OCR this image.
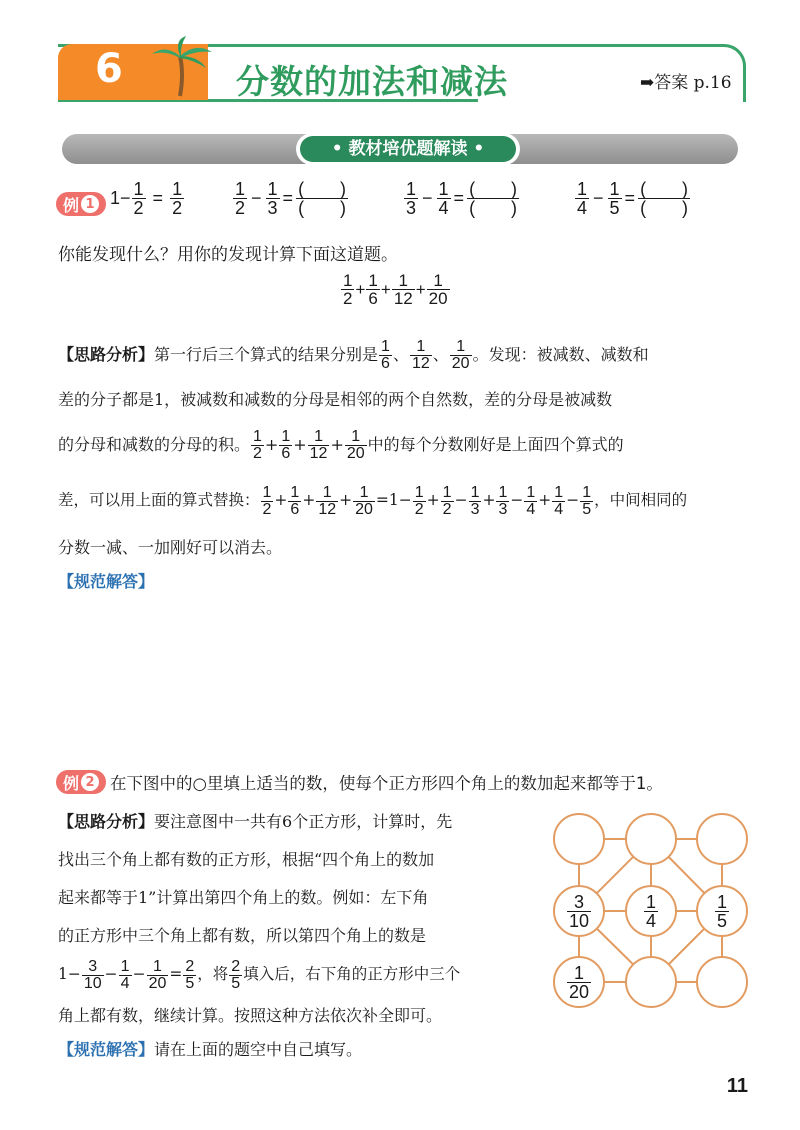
6	分数的加法和减法	➡答案 p.16
• 教材培优题解读 •
例 1 $1- \frac{1}{2} = \frac{1}{2}$	$\frac{1}{2} - \frac{1}{3} = \frac{( )}{( )}$	$\frac{1}{3} - \frac{1}{4} = \frac{( )}{( )}$	$\frac{1}{4} - \frac{1}{5} = \frac{( )}{( )}$
你能发现什么？用你的发现计算下面这道题。
$\frac{1}{2} + \frac{1}{6} + \frac{1}{12} + \frac{1}{20}$
【思路分析】第一行后三个算式的结果分别是 $\frac{1}{6}$ 、 $\frac{1}{12}$ 、 $\frac{1}{20}$ 。发现：被减数、减数和
差的分子都是1，被减数和减数的分母是相邻的两个自然数，差的分母是被减数
的分母和减数的分母的积。 $\frac{1}{2} + \frac{1}{6} + \frac{1}{12} + \frac{1}{20}$ 中的每个分数刚好是上面四个算式的
差，可以用上面的算式替换： $\frac{1}{2} + \frac{1}{6} + \frac{1}{12} + \frac{1}{20} =1- \frac{1}{2} + \frac{1}{2} - \frac{1}{3} + \frac{1}{3} - \frac{1}{4} + \frac{1}{4} - \frac{1}{5}$ ，中间相同的
分数一减、一加刚好可以消去。
【规范解答】
例 2 在下图中的○里填上适当的数，使每个正方形四个角上的数加起来都等于1。
【思路分析】要注意图中一共有6个正方形，计算时，先
找出三个角上都有数的正方形，根据“四个角上的数加
起来都等于1”计算出第四个角上的数。例如：左下角
的正方形中三个角上都有数，所以第四个角上的数是
$1- \frac{3}{10} - \frac{1}{4} - \frac{1}{20} = \frac{2}{5}$ ，将 $\frac{2}{5}$ 填入后，右下角的正方形中三个
角上都有数，继续计算。按照这种方法依次补全即可。
【规范解答】请在上面的题空中自己填写。
$\frac{3}{10}$	$\frac{1}{4}$	$\frac{1}{5}$
$\frac{1}{20}$
11
